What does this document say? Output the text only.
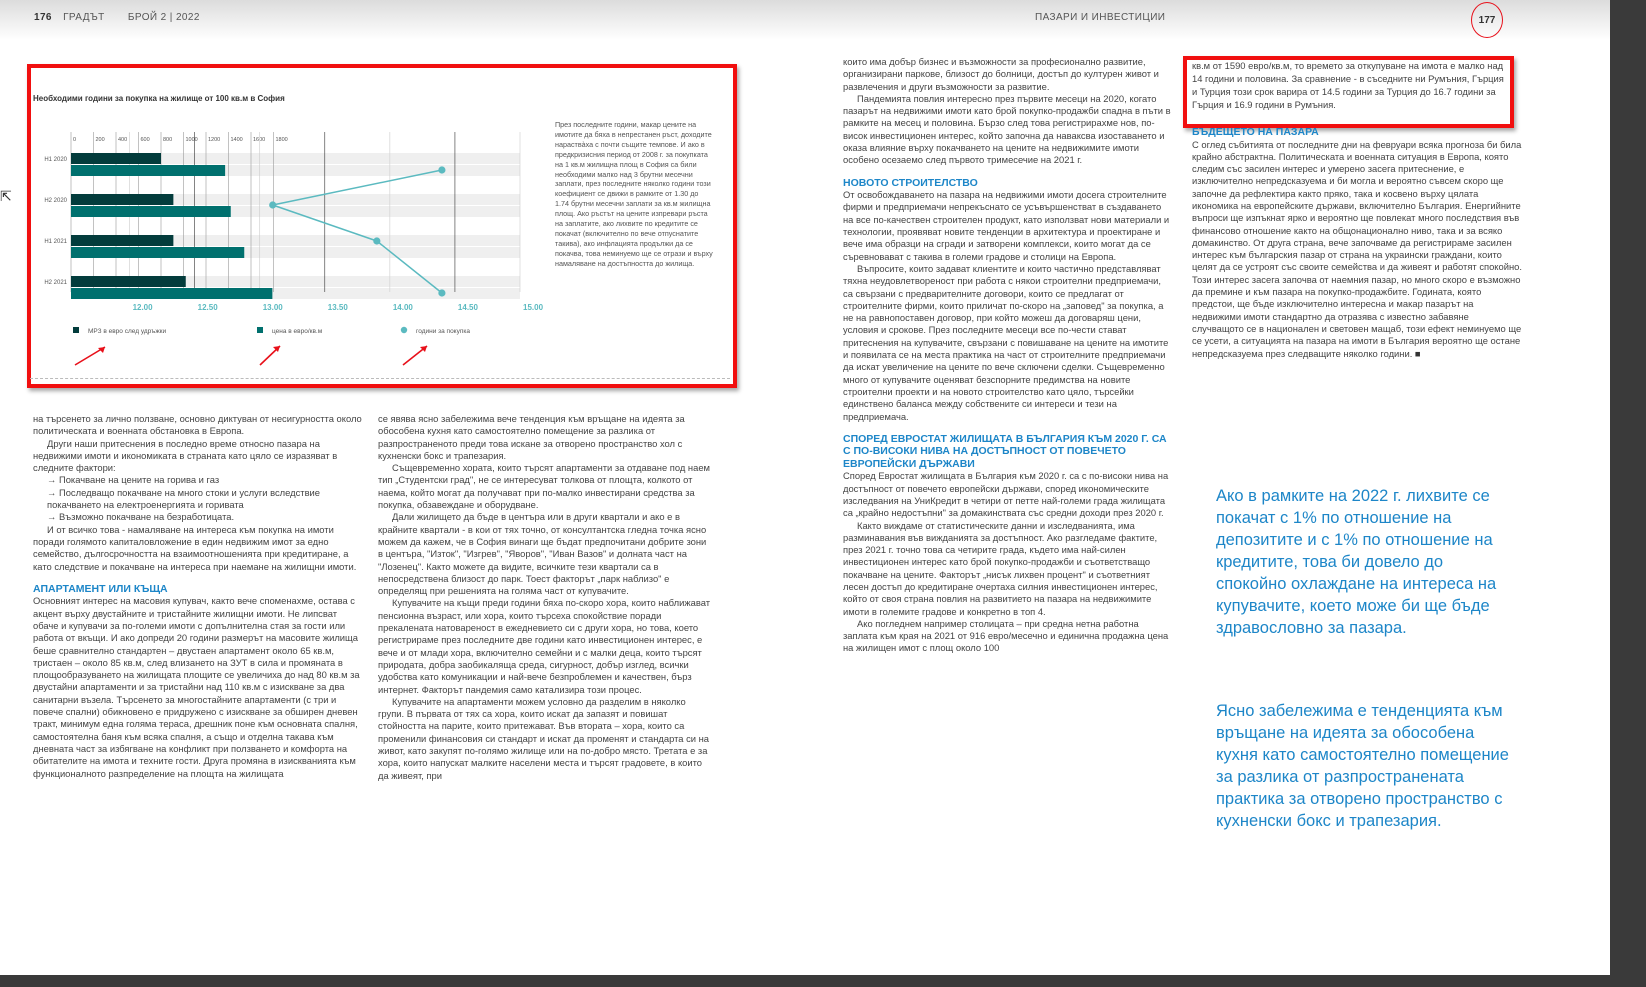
176 ГРАДЪТ БРОЙ 2 | 2022	ПАЗАРИ И ИНВЕСТИЦИИ	177
⇱
Необходими години за покупка на жилище от 100 кв.м в София
0	200 400 600 800 1000 1200 1400 1600 1800
12.00	12.50	13.00	13.50	14.00	14.50	15.00
H1 2020
H2 2020
H1 2021
H2 2021
МРЗ в евро след удръжки	цена в евро/кв.м	години за покупка
През последните години, макар цените на имотите да бяха в непрестанен ръст, доходите нараствàха с почти същите темпове. И ако в предкризисния период от 2008 г. за покупката на 1 кв.м жилищна площ в София са били необходими малко над 3 брутни месечни заплати, през последните няколко години този коефициент се движи в рамките от 1.30 до 1.74 брутни месечни заплати за кв.м жилищна площ. Ако ръстът на цените изпревари ръста на заплатите, ако лихвите по кредитите се покачат (включително по вече отпуснатите такива), ако инфлацията продължи да се покачва, това неминуемо ще се отрази и върху намаляване на достъпността до жилища.

на търсенето за лично ползване, основно диктуван от несигурността около политическата и военната обстановка в Европа.

Други наши притеснения в последно време относно пазара на недвижими имоти и икономиката в страната като цяло се изразяват в следните фактори:

→ Покачване на цените на горива и газ
→ Последващо покачване на много стоки и услуги вследствие покачването на електроенергията и горивата
→ Възможно покачване на безработицата.

И от всичко това - намаляване на интереса към покупка на имоти поради голямото капиталовложение в един недвижим имот за едно семейство, дългосрочността на взаимоотношенията при кредитиране, а като следствие и покачване на интереса при наемане на жилищни имоти.

АПАРТАМЕНТ ИЛИ КЪЩА

Основният интерес на масовия купувач, както вече споменахме, остава с акцент върху двустайните и тристайните жилищни имоти. Не липсват обаче и купувачи за по-големи имоти с допълнителна стая за гости или работа от вкъщи. И ако допреди 20 години размерът на масовите жилища беше сравнително стандартен – двустаен апартамент около 65 кв.м, тристаен – около 85 кв.м, след влизането на ЗУТ в сила и промяната в площообразуването на жилищата площите се увеличиха до над 80 кв.м за двустайни апартаменти и за тристайни над 110 кв.м с изискване за два санитарни възела. Търсенето за многостайните апартаменти (с три и повече спални) обикновено е придружено с изискване за обширен дневен тракт, минимум една голяма тераса, дрешник поне към основната спалня, самостоятелна баня към всяка спалня, а също и отделна такава към дневната част за избягване на конфликт при ползването и комфорта на обитателите на имота и техните гости. Друга промяна в изискванията към функционалното разпределение на площта на жилищата

се явява ясно забележима вече тенденция към връщане на идеята за обособена кухня като самостоятелно помещение за разлика от разпространеното преди това искане за отворено пространство хол с кухненски бокс и трапезария.

Същевременно хората, които търсят апартаменти за отдаване под наем тип „Студентски град", не се интересуват толкова от площта, колкото от наема, който могат да получават при по-малко инвестирани средства за покупка, обзавеждане и оборудване.

Дали жилището да бъде в центъра или в други квартали и ако е в крайните квартали - в кои от тях точно, от консултантска гледна точка ясно можем да кажем, че в София винаги ще бъдат предпочитани добрите зони в центъра, "Изток", "Изгрев", "Яворов", "Иван Вазов" и долната част на "Лозенец". Както можете да видите, всичките тези квартали са в непосредствена близост до парк. Тоест факторът „парк наблизо" е определящ при решенията на голяма част от купувачите.

Купувачите на къщи преди години бяха по-скоро хора, които наближават пенсионна възраст, или хора, които търсеха спокойствие поради прекалената натовареност в ежедневието си с други хора, но това, което регистрираме през последните две години като инвестиционен интерес, е вече и от млади хора, включително семейни и с малки деца, които търсят природата, добра заобикаляща среда, сигурност, добър изглед, всички удобства като комуникации и най-вече безпроблемен и качествен, бърз интернет. Факторът пандемия само катализира този процес.

Купувачите на апартаменти можем условно да разделим в няколко групи. В първата от тях са хора, които искат да запазят и повишат стойността на парите, които притежават. Във втората – хора, които са променили финансовия си стандарт и искат да променят и стандарта си на живот, като закупят по-голямо жилище или на по-добро място. Третата е за хора, които напускат малките населени места и търсят градовете, в които да живеят, при

които има добър бизнес и възможности за професионално развитие, организирани паркове, близост до болници, достъп до културен живот и развлечения и други възможности за развитие.

Пандемията повлия интересно през първите месеци на 2020, когато пазарът на недвижими имоти като брой покупко-продажби спадна в пъти в рамките на месец и половина. Бързо след това регистрирахме нов, по-висок инвестиционен интерес, който започна да наваксва изоставането и оказа влияние върху покачването на цените на недвижимите имоти особено осезаемо след първото тримесечие на 2021 г.

НОВОТО СТРОИТЕЛСТВО

От освобождаването на пазара на недвижими имоти досега строителните фирми и предприемачи непрекъснато се усъвършенстват в създаването на все по-качествен строителен продукт, като използват нови материали и технологии, проявяват новите тенденции в архитектура и проектиране и вече има образци на сгради и затворени комплекси, които могат да се съревновават с такива в големи градове и столици на Европа.

Въпросите, които задават клиентите и които частично представляват тяхна неудовлетвореност при работа с някои строителни предприемачи, са свързани с предварителните договори, които се предлагат от строителните фирми, които приличат по-скоро на „заповед" за покупка, а не на равнопоставен договор, при който можеш да договаряш цени, условия и срокове. През последните месеци все по-чести стават притеснения на купувачите, свързани с повишаване на цените на имотите и появилата се на места практика на част от строителните предприемачи да искат увеличение на цените по вече сключени сделки. Същевременно много от купувачите оценяват безспорните предимства на новите строителни проекти и на новото строителство като цяло, търсейки единствено баланса между собствените си интереси и тези на предприемача.

СПОРЕД ЕВРОСТАТ ЖИЛИЩАТА В БЪЛГАРИЯ КЪМ 2020 Г. СА С ПО-ВИСОКИ НИВА НА ДОСТЪПНОСТ ОТ ПОВЕЧЕТО ЕВРОПЕЙСКИ ДЪРЖАВИ

Според Евростат жилищата в България към 2020 г. са с по-високи нива на достъпност от повечето европейски държави, според икономическите изследвания на УниКредит в четири от петте най-големи града жилищата са „крайно недостъпни" за домакинствата със средни доходи през 2020 г.

Както виждаме от статистическите данни и изследванията, има разминавания във вижданията за достъпност. Ако разгледаме фактите, през 2021 г. точно това са четирите града, където има най-силен инвестиционен интерес като брой покупко-продажби и съответстващо покачване на цените. Факторът „нисък лихвен процент" и съответният лесен достъп до кредитиране очертаха силния инвестиционен интерес, който от своя страна повлия на развитието на пазара на недвижимите имоти в големите градове и конкретно в топ 4.

Ако погледнем например столицата – при средна нетна работна заплата към края на 2021 от 916 евро/месечно и единична продажна цена на жилищен имот с площ около 100

кв.м от 1590 евро/кв.м, то времето за откупуване на имота е малко над 14 години и половина. За сравнение - в съседните ни Румъния, Гърция и Турция този срок варира от 14.5 години за Турция до 16.7 години за Гърция и 16.9 години в Румъния.
БЪДЕЩЕТО НА ПАЗАРА

С оглед събитията от последните дни на февруари всяка прогноза би била крайно абстрактна. Политическата и военната ситуация в Европа, която следим със засилен интерес и умерено засега притеснение, е изключително непредсказуема и би могла и вероятно съвсем скоро ще започне да рефлектира както пряко, така и косвено върху цялата икономика на европейските държави, включително България. Енергийните въпроси ще изпъкнат ярко и вероятно ще повлекат много последствия във финансово отношение както на общонационално ниво, така и за всяко домакинство. От друга страна, вече започваме да регистрираме засилен интерес към българския пазар от страна на украински граждани, които целят да се устроят със своите семейства и да живеят и работят спокойно. Този интерес засега започва от наемния пазар, но много скоро е възможно да премине и към пазара на покупко-продажбите. Годината, която предстои, ще бъде изключително интересна и макар пазарът на недвижими имоти стандартно да отразява с известно забавяне случващото се в национален и световен мащаб, този ефект неминуемо ще се усети, а ситуацията на пазара на имоти в България вероятно ще остане непредсказуема през следващите няколко години. ■

Ако в рамките на 2022 г. лихвите се покачат с 1% по отношение на депозитите и с 1% по отношение на кредитите, това би довело до спокойно охлаждане на интереса на купувачите, което може би ще бъде здравословно за пазара.
Ясно забележима е тенденцията към връщане на идеята за обособена кухня като самостоятелно помещение за разлика от разпространената практика за отворено пространство с кухненски бокс и трапезария.
